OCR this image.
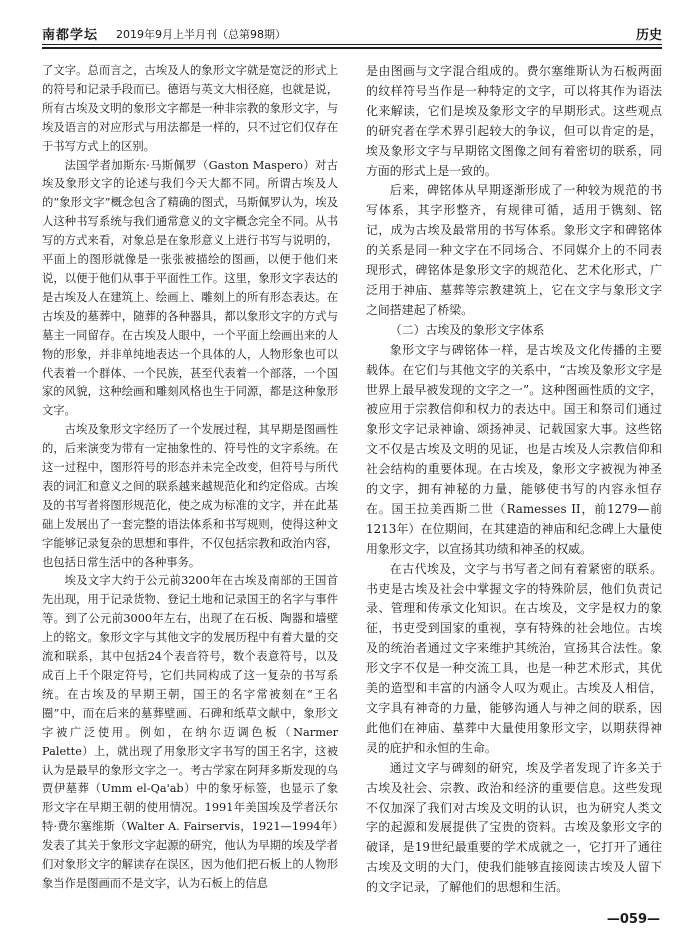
南都学坛 2019年9月上半月刊（总第98期）	历史

了文字。总而言之，古埃及人的象形文字就是宽泛的形式上的符号和记录手段而已。德语与英文大相径庭，也就是说，所有古埃及文明的象形文字都是一种非宗教的象形文字，与埃及语言的对应形式与用法都是一样的，只不过它们仅存在于书写方式上的区别。

法国学者加斯东·马斯佩罗（Gaston Maspero）对古埃及象形文字的论述与我们今天大都不同。所谓古埃及人的“象形文字”概念包含了精确的图式，马斯佩罗认为，埃及人这种书写系统与我们通常意义的文字概念完全不同。从书写的方式来看，对象总是在象形意义上进行书写与说明的，平面上的图形就像是一张张被描绘的图画，以便于他们来说，以便于他们从事于平面性工作。这里，象形文字表达的是古埃及人在建筑上、绘画上、雕刻上的所有形态表达。在古埃及的墓葬中，随葬的各种器具，都以象形文字的方式与墓主一同留存。在古埃及人眼中，一个平面上绘画出来的人物的形象，并非单纯地表达一个具体的人，人物形象也可以代表着一个群体、一个民族，甚至代表着一个部落，一个国家的风貌，这种绘画和雕刻风格也生于同源，都是这种象形文字。

古埃及象形文字经历了一个发展过程，其早期是图画性的，后来演变为带有一定抽象性的、符号性的文字系统。在这一过程中，图形符号的形态并未完全改变，但符号与所代表的词汇和意义之间的联系越来越规范化和约定俗成。古埃及的书写者将图形规范化，使之成为标准的文字，并在此基础上发展出了一套完整的语法体系和书写规则，使得这种文字能够记录复杂的思想和事件，不仅包括宗教和政治内容，也包括日常生活中的各种事务。

埃及文字大约于公元前3200年在古埃及南部的王国首先出现，用于记录货物、登记土地和记录国王的名字与事件等。到了公元前3000年左右，出现了在石板、陶器和墙壁上的铭文。象形文字与其他文字的发展历程中有着大量的交流和联系，其中包括24个表音符号，数个表意符号，以及成百上千个限定符号，它们共同构成了这一复杂的书写系统。在古埃及的早期王朝，国王的名字常被刻在“王名圈”中，而在后来的墓葬壁画、石碑和纸草文献中，象形文字被广泛使用。例如，在纳尔迈调色板（Narmer Palette）上，就出现了用象形文字书写的国王名字，这被认为是最早的象形文字之一。考古学家在阿拜多斯发现的乌贾伊墓葬（Umm el-Qa'ab）中的象牙标签，也显示了象形文字在早期王朝的使用情况。1991年美国埃及学者沃尔特·费尔塞维斯（Walter A. Fairservis，1921—1994年）发表了其关于象形文字起源的研究，他认为早期的埃及学者们对象形文字的解读存在误区，因为他们把石板上的人物形象当作是图画而不是文字，认为石板上的信息

是由图画与文字混合组成的。费尔塞维斯认为石板两面的纹样符号当作是一种特定的文字，可以将其作为语法化来解读，它们是埃及象形文字的早期形式。这些观点的研究者在学术界引起较大的争议，但可以肯定的是，埃及象形文字与早期铭文图像之间有着密切的联系，同方面的形式上是一致的。

后来，碑铭体从早期逐渐形成了一种较为规范的书写体系，其字形整齐，有规律可循，适用于镌刻、铭记，成为古埃及最常用的书写体系。象形文字和碑铭体的关系是同一种文字在不同场合、不同媒介上的不同表现形式，碑铭体是象形文字的规范化、艺术化形式，广泛用于神庙、墓葬等宗教建筑上，它在文字与象形文字之间搭建起了桥梁。

（二）古埃及的象形文字体系

象形文字与碑铭体一样，是古埃及文化传播的主要载体。在它们与其他文字的关系中，“古埃及象形文字是世界上最早被发现的文字之一”。这种图画性质的文字，被应用于宗教信仰和权力的表达中。国王和祭司们通过象形文字记录神谕、颂扬神灵、记载国家大事。这些铭文不仅是古埃及文明的见证，也是古埃及人宗教信仰和社会结构的重要体现。在古埃及，象形文字被视为神圣的文字，拥有神秘的力量，能够使书写的内容永恒存在。国王拉美西斯二世（Ramesses II，前1279—前1213年）在位期间，在其建造的神庙和纪念碑上大量使用象形文字，以宣扬其功绩和神圣的权威。

在古代埃及，文字与书写者之间有着紧密的联系。书吏是古埃及社会中掌握文字的特殊阶层，他们负责记录、管理和传承文化知识。在古埃及，文字是权力的象征，书吏受到国家的重视，享有特殊的社会地位。古埃及的统治者通过文字来维护其统治，宣扬其合法性。象形文字不仅是一种交流工具，也是一种艺术形式，其优美的造型和丰富的内涵令人叹为观止。古埃及人相信，文字具有神奇的力量，能够沟通人与神之间的联系，因此他们在神庙、墓葬中大量使用象形文字，以期获得神灵的庇护和永恒的生命。

通过文字与碑刻的研究，埃及学者发现了许多关于古埃及社会、宗教、政治和经济的重要信息。这些发现不仅加深了我们对古埃及文明的认识，也为研究人类文字的起源和发展提供了宝贵的资料。古埃及象形文字的破译，是19世纪最重要的学术成就之一，它打开了通往古埃及文明的大门，使我们能够直接阅读古埃及人留下的文字记录，了解他们的思想和生活。

—059—
